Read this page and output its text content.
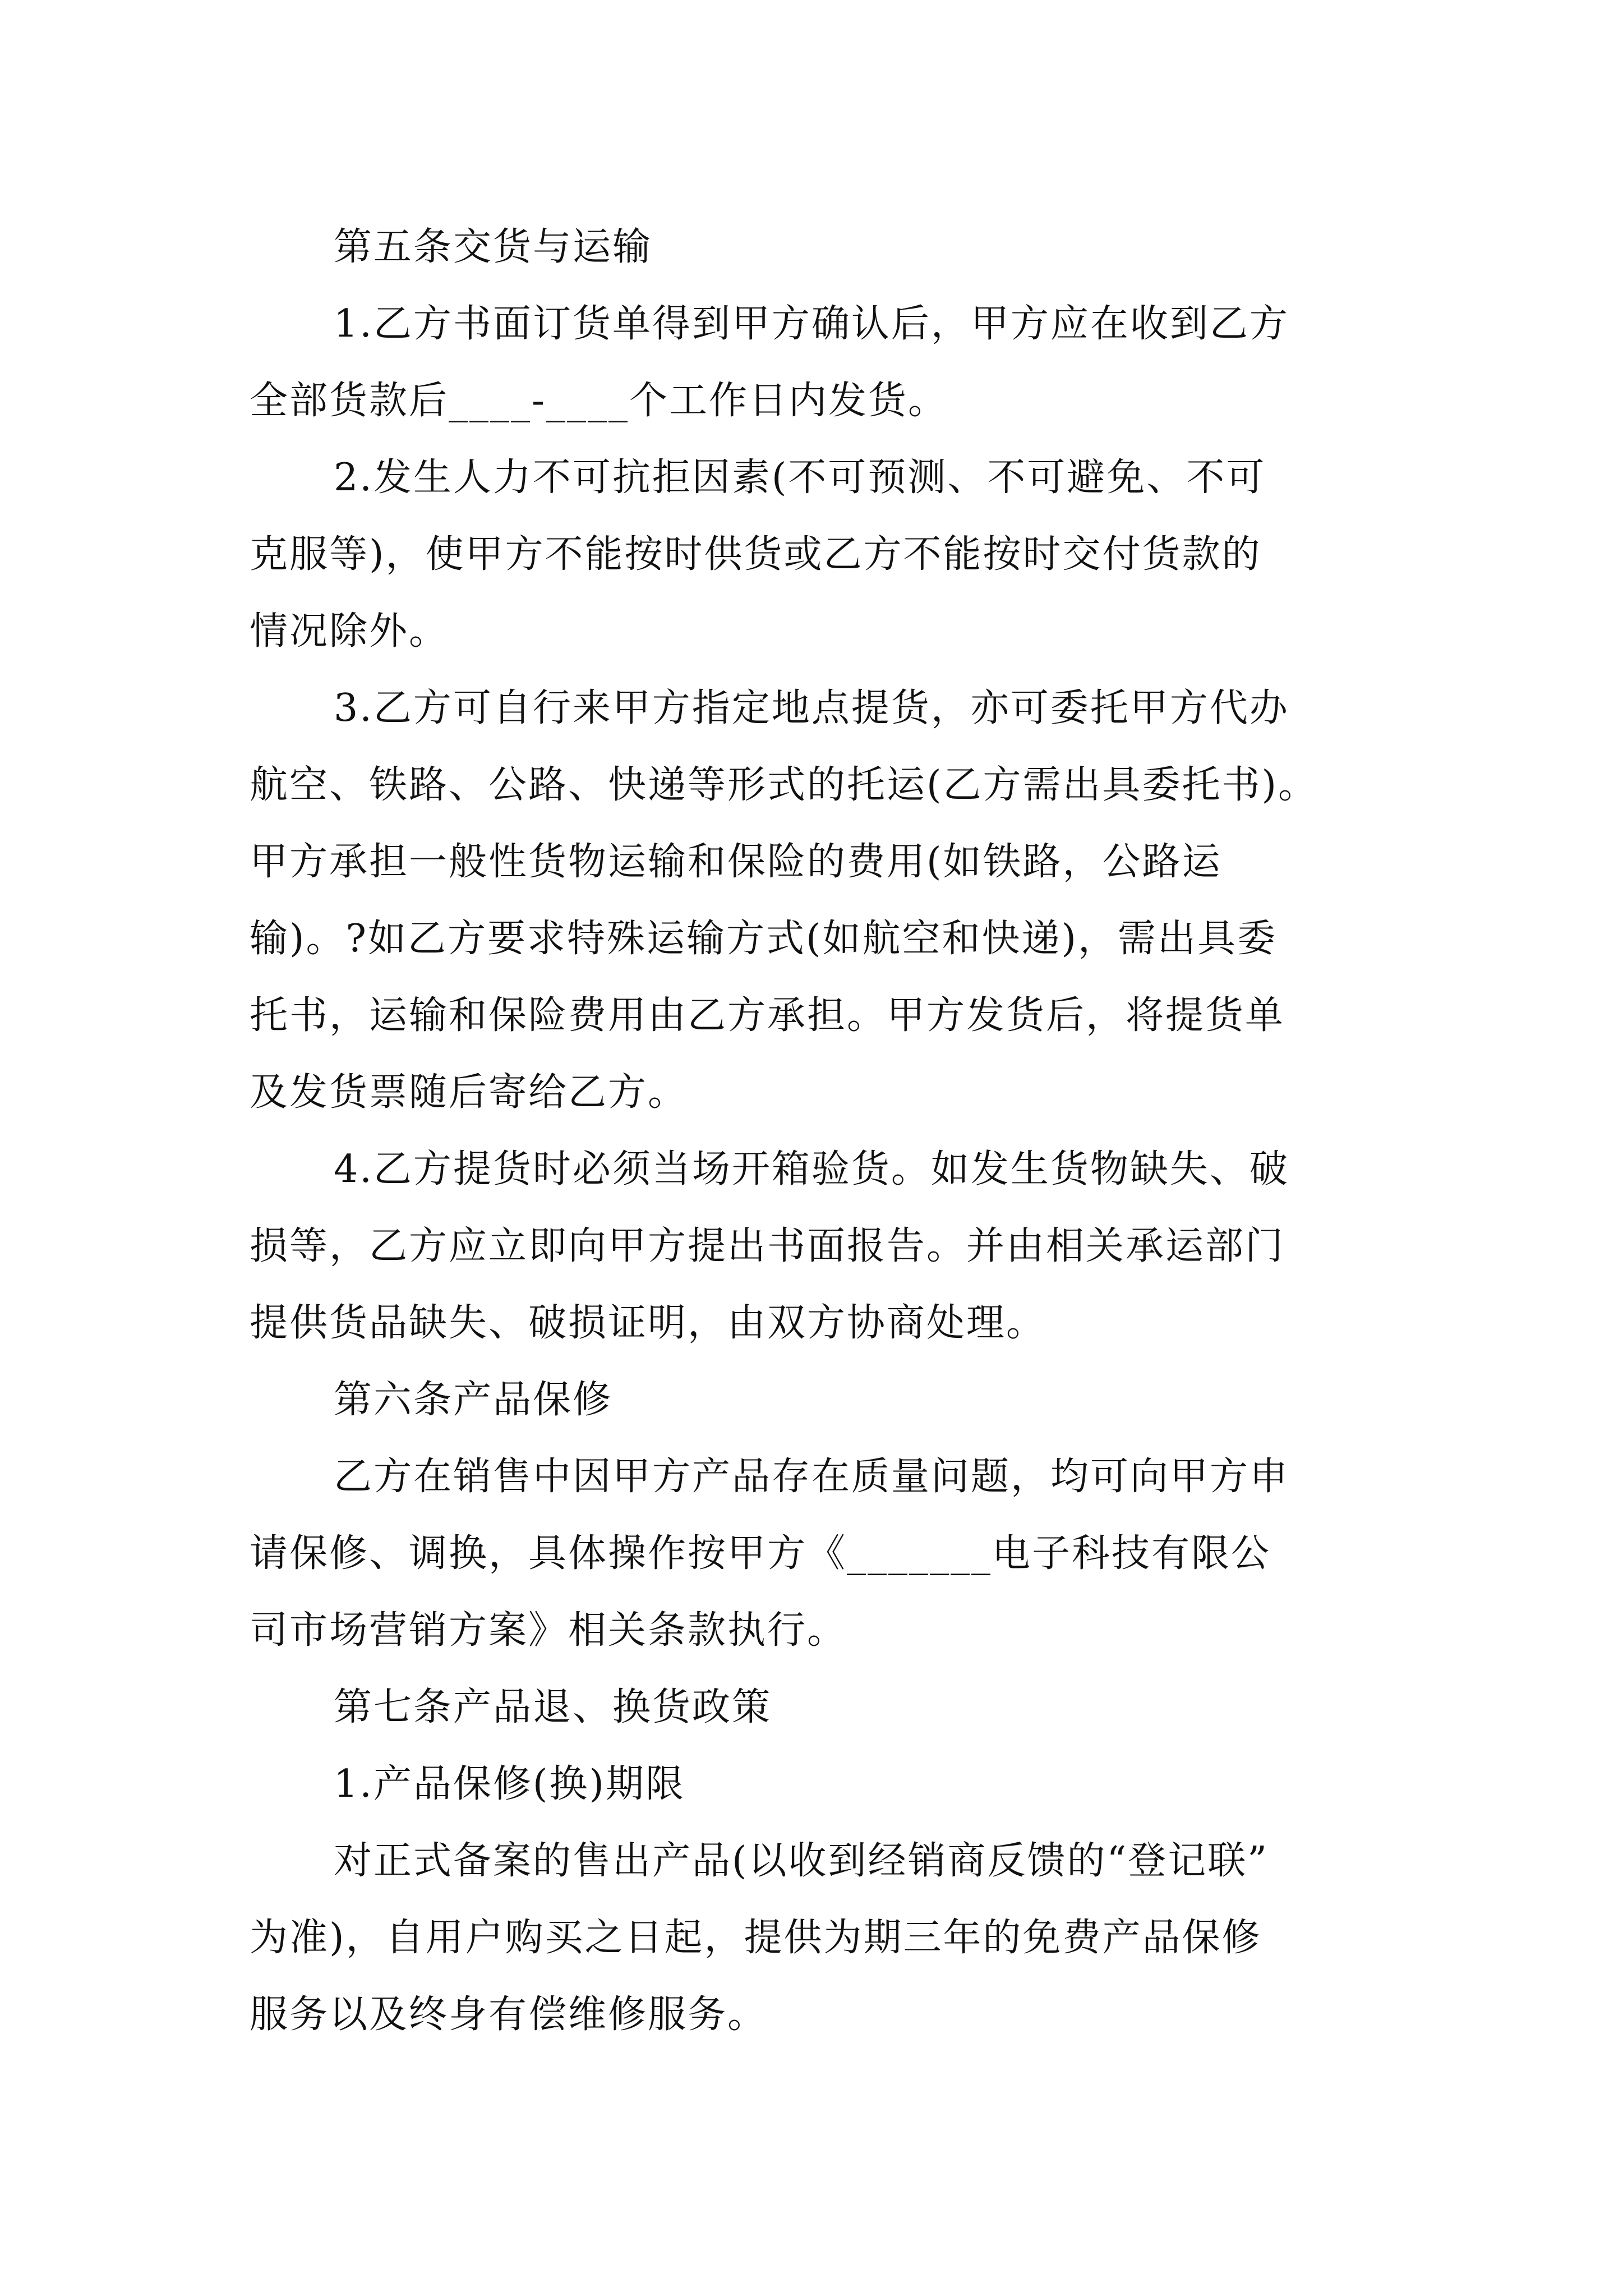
第五条交货与运输
1.乙方书面订货单得到甲方确认后，甲方应在收到乙方
全部货款后____-____个工作日内发货。
2.发生人力不可抗拒因素(不可预测、不可避免、不可
克服等)，使甲方不能按时供货或乙方不能按时交付货款的
情况除外。
3.乙方可自行来甲方指定地点提货，亦可委托甲方代办
航空、铁路、公路、快递等形式的托运(乙方需出具委托书)。
甲方承担一般性货物运输和保险的费用(如铁路，公路运
输)。?如乙方要求特殊运输方式(如航空和快递)，需出具委
托书，运输和保险费用由乙方承担。甲方发货后，将提货单
及发货票随后寄给乙方。
4.乙方提货时必须当场开箱验货。如发生货物缺失、破
损等，乙方应立即向甲方提出书面报告。并由相关承运部门
提供货品缺失、破损证明，由双方协商处理。
第六条产品保修
乙方在销售中因甲方产品存在质量问题，均可向甲方申
请保修、调换，具体操作按甲方《_______电子科技有限公
司市场营销方案》相关条款执行。
第七条产品退、换货政策
1.产品保修(换)期限
对正式备案的售出产品(以收到经销商反馈的“登记联”
为准)，自用户购买之日起，提供为期三年的免费产品保修
服务以及终身有偿维修服务。
